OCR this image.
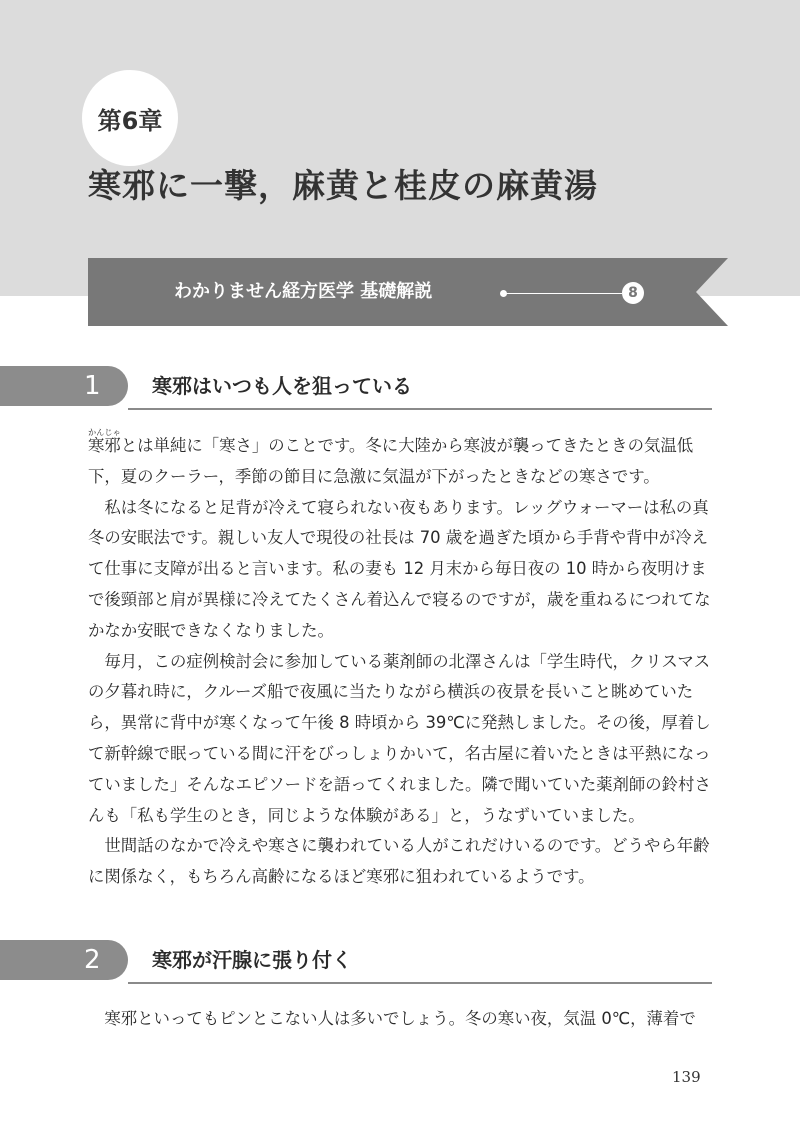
第6章
寒邪に一撃，麻黄と桂皮の麻黄湯
わかりません経方医学 基礎解説	8
1	寒邪はいつも人を狙っている

寒邪かんじゃとは単純に「寒さ」のことです。冬に大陸から寒波が襲ってきたときの気温低下，夏のクーラー，季節の節目に急激に気温が下がったときなどの寒さです。

私は冬になると足背が冷えて寝られない夜もあります。レッグウォーマーは私の真冬の安眠法です。親しい友人で現役の社長は 70 歳を過ぎた頃から手背や背中が冷えて仕事に支障が出ると言います。私の妻も 12 月末から毎日夜の 10 時から夜明けまで後頸部と肩が異様に冷えてたくさん着込んで寝るのですが，歳を重ねるにつれてなかなか安眠できなくなりました。

毎月，この症例検討会に参加している薬剤師の北澤さんは「学生時代，クリスマスの夕暮れ時に，クルーズ船で夜風に当たりながら横浜の夜景を長いこと眺めていたら，異常に背中が寒くなって午後 8 時頃から 39℃に発熱しました。その後，厚着して新幹線で眠っている間に汗をびっしょりかいて，名古屋に着いたときは平熱になっていました」そんなエピソードを語ってくれました。隣で聞いていた薬剤師の鈴村さんも「私も学生のとき，同じような体験がある」と，うなずいていました。

世間話のなかで冷えや寒さに襲われている人がこれだけいるのです。どうやら年齢に関係なく，もちろん高齢になるほど寒邪に狙われているようです。

2	寒邪が汗腺に張り付く

寒邪といってもピンとこない人は多いでしょう。冬の寒い夜，気温 0℃，薄着で

139
